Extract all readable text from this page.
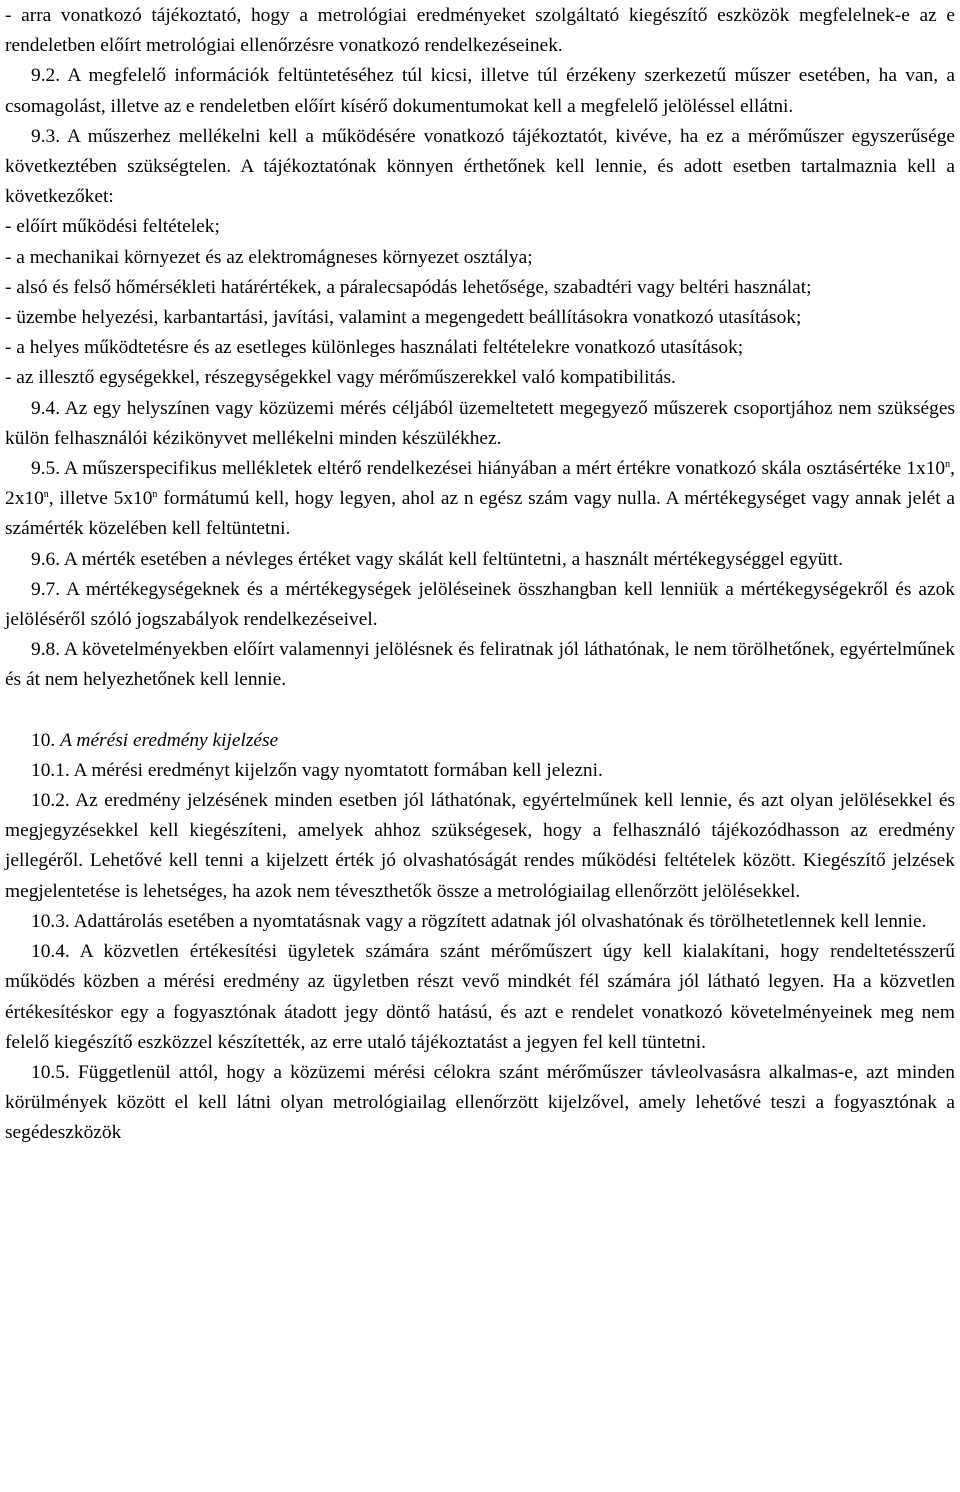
- arra vonatkozó tájékoztató, hogy a metrológiai eredményeket szolgáltató kiegészítő eszközök megfelelnek-e az e rendeletben előírt metrológiai ellenőrzésre vonatkozó rendelkezéseinek.

9.2. A megfelelő információk feltüntetéséhez túl kicsi, illetve túl érzékeny szerkezetű műszer esetében, ha van, a csomagolást, illetve az e rendeletben előírt kísérő dokumentumokat kell a megfelelő jelöléssel ellátni.

9.3. A műszerhez mellékelni kell a működésére vonatkozó tájékoztatót, kivéve, ha ez a mérőműszer egyszerűsége következtében szükségtelen. A tájékoztatónak könnyen érthetőnek kell lennie, és adott esetben tartalmaznia kell a következőket:

- előírt működési feltételek;

- a mechanikai környezet és az elektromágneses környezet osztálya;

- alsó és felső hőmérsékleti határértékek, a páralecsapódás lehetősége, szabadtéri vagy beltéri használat;

- üzembe helyezési, karbantartási, javítási, valamint a megengedett beállításokra vonatkozó utasítások;

- a helyes működtetésre és az esetleges különleges használati feltételekre vonatkozó utasítások;

- az illesztő egységekkel, részegységekkel vagy mérőműszerekkel való kompatibilitás.

9.4. Az egy helyszínen vagy közüzemi mérés céljából üzemeltetett megegyező műszerek csoportjához nem szükséges külön felhasználói kézikönyvet mellékelni minden készülékhez.

9.5. A műszerspecifikus mellékletek eltérő rendelkezései hiányában a mért értékre vonatkozó skála osztásértéke 1x10$^n$, 2x10$^n$, illetve 5x10$^n$ formátumú kell, hogy legyen, ahol az n egész szám vagy nulla. A mértékegységet vagy annak jelét a számérték közelében kell feltüntetni.

9.6. A mérték esetében a névleges értéket vagy skálát kell feltüntetni, a használt mértékegységgel együtt.

9.7. A mértékegységeknek és a mértékegységek jelöléseinek összhangban kell lenniük a mértékegységekről és azok jelöléséről szóló jogszabályok rendelkezéseivel.

9.8. A követelményekben előírt valamennyi jelölésnek és feliratnak jól láthatónak, le nem törölhetőnek, egyértelműnek és át nem helyezhetőnek kell lennie.

10. A mérési eredmény kijelzése

10.1. A mérési eredményt kijelzőn vagy nyomtatott formában kell jelezni.

10.2. Az eredmény jelzésének minden esetben jól láthatónak, egyértelműnek kell lennie, és azt olyan jelölésekkel és megjegyzésekkel kell kiegészíteni, amelyek ahhoz szükségesek, hogy a felhasználó tájékozódhasson az eredmény jellegéről. Lehetővé kell tenni a kijelzett érték jó olvashatóságát rendes működési feltételek között. Kiegészítő jelzések megjelentetése is lehetséges, ha azok nem téveszthetők össze a metrológiailag ellenőrzött jelölésekkel.

10.3. Adattárolás esetében a nyomtatásnak vagy a rögzített adatnak jól olvashatónak és törölhetetlennek kell lennie.

10.4. A közvetlen értékesítési ügyletek számára szánt mérőműszert úgy kell kialakítani, hogy rendeltetésszerű működés közben a mérési eredmény az ügyletben részt vevő mindkét fél számára jól látható legyen. Ha a közvetlen értékesítéskor egy a fogyasztónak átadott jegy döntő hatású, és azt e rendelet vonatkozó követelményeinek meg nem felelő kiegészítő eszközzel készítették, az erre utaló tájékoztatást a jegyen fel kell tüntetni.

10.5. Függetlenül attól, hogy a közüzemi mérési célokra szánt mérőműszer távleolvasásra alkalmas-e, azt minden körülmények között el kell látni olyan metrológiailag ellenőrzött kijelzővel, amely lehetővé teszi a fogyasztónak a segédeszközök
